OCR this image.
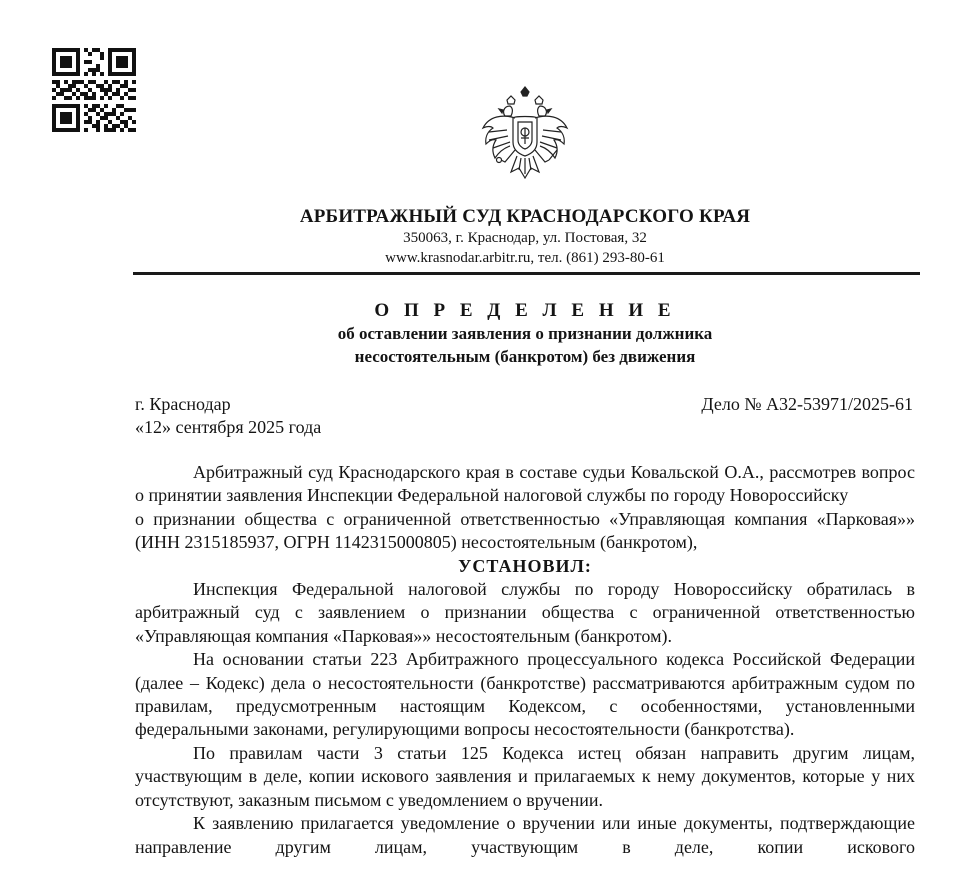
АРБИТРАЖНЫЙ СУД КРАСНОДАРСКОГО КРАЯ
350063, г. Краснодар, ул. Постовая, 32
www.krasnodar.arbitr.ru, тел. (861) 293-80-61
О П Р Е Д Е Л Е Н И Е
об оставлении заявления о признании должника
несостоятельным (банкротом) без движения
г. Краснодар
«12» сентября 2025 года
Дело № А32-53971/2025-61

Арбитражный суд Краснодарского края в составе судьи Ковальской О.А., рассмотрев вопрос о принятии заявления Инспекции Федеральной налоговой службы по городу Новороссийску

о признании общества с ограниченной ответственностью «Управляющая компания «Парковая»» (ИНН 2315185937, ОГРН 1142315000805) несостоятельным (банкротом),

УСТАНОВИЛ:

Инспекция Федеральной налоговой службы по городу Новороссийску обратилась в арбитражный суд с заявлением о признании общества с ограниченной ответственностью «Управляющая компания «Парковая»» несостоятельным (банкротом).

На основании статьи 223 Арбитражного процессуального кодекса Российской Федерации (далее – Кодекс) дела о несостоятельности (банкротстве) рассматриваются арбитражным судом по правилам, предусмотренным настоящим Кодексом, с особенностями, установленными федеральными законами, регулирующими вопросы несостоятельности (банкротства).

По правилам части 3 статьи 125 Кодекса истец обязан направить другим лицам, участвующим в деле, копии искового заявления и прилагаемых к нему документов, которые у них отсутствуют, заказным письмом с уведомлением о вручении.

К заявлению прилагается уведомление о вручении или иные документы, подтверждающие направление другим лицам, участвующим в деле, копии искового
